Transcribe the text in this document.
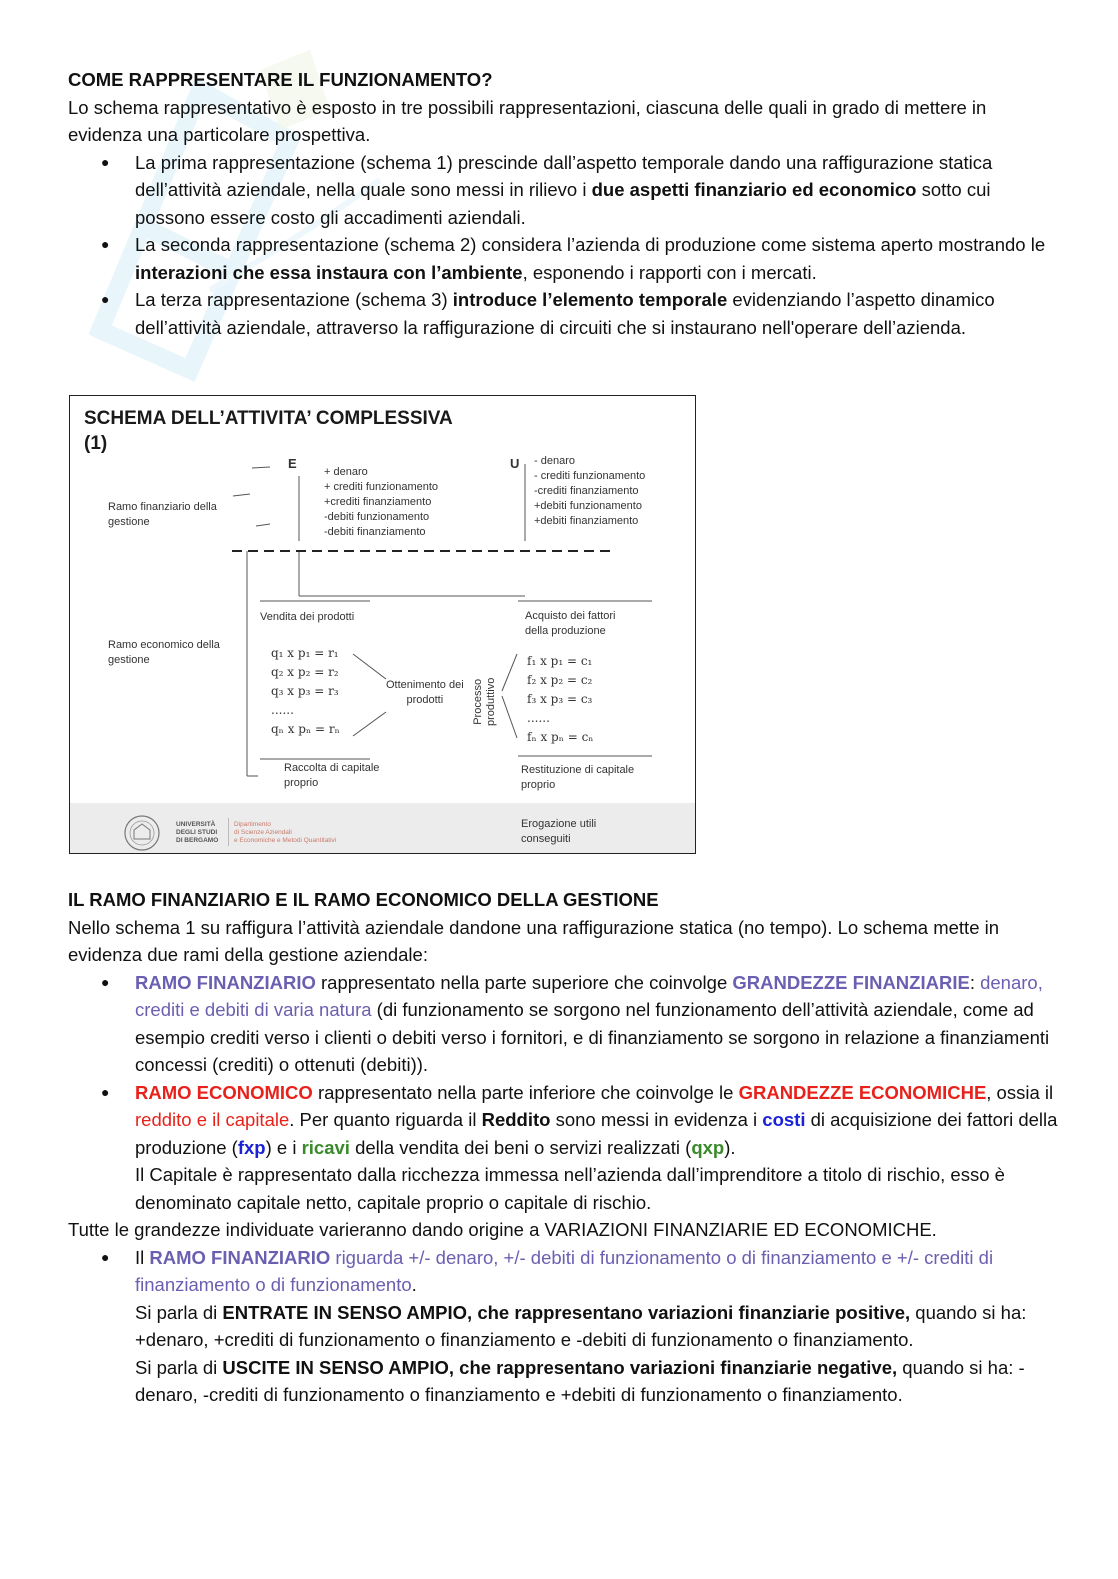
COME RAPPRESENTARE IL FUNZIONAMENTO?
Lo schema rappresentativo è esposto in tre possibili rappresentazioni, ciascuna delle quali in grado di mettere in evidenza una particolare prospettiva.
● La prima rappresentazione (schema 1) prescinde dall’aspetto temporale dando una raffigurazione statica dell’attività aziendale, nella quale sono messi in rilievo i due aspetti finanziario ed economico sotto cui possono essere costo gli accadimenti aziendali.
● La seconda rappresentazione (schema 2) considera l’azienda di produzione come sistema aperto mostrando le interazioni che essa instaura con l’ambiente, esponendo i rapporti con i mercati.
● La terza rappresentazione (schema 3) introduce l’elemento temporale evidenziando l’aspetto dinamico dell’attività aziendale, attraverso la raffigurazione di circuiti che si instaurano nell'operare dell’azienda.
SCHEMA DELL’ATTIVITA’ COMPLESSIVA
(1)
E	U
+ denaro
+ crediti funzionamento
+crediti finanziamento
-debiti funzionamento
-debiti finanziamento
- denaro
- crediti funzionamento
-crediti finanziamento
+debiti funzionamento
+debiti finanziamento
Ramo finanziario della
gestione
Ramo economico della
gestione
Vendita dei prodotti	Acquisto dei fattori
della produzione
q₁ x p₁ = r₁
q₂ x p₂ = r₂
q₃ x p₃ = r₃
......
qₙ x pₙ = rₙ
f₁ x p₁ = c₁
f₂ x p₂ = c₂
f₃ x p₃ = c₃
......
fₙ x pₙ = cₙ
Ottenimento dei
prodotti	Processo
produttivo
Raccolta di capitale
proprio
Restituzione di capitale
proprio
UNIVERSITÀ
DEGLI STUDI
DI BERGAMO
Dipartimento
di Scienze Aziendali
e Economiche e Metodi Quantitativi
Erogazione utili
conseguiti
IL RAMO FINANZIARIO E IL RAMO ECONOMICO DELLA GESTIONE
Nello schema 1 su raffigura l’attività aziendale dandone una raffigurazione statica (no tempo). Lo schema mette in evidenza due rami della gestione aziendale:
● RAMO FINANZIARIO rappresentato nella parte superiore che coinvolge GRANDEZZE FINANZIARIE: denaro, crediti e debiti di varia natura (di funzionamento se sorgono nel funzionamento dell’attività aziendale, come ad esempio crediti verso i clienti o debiti verso i fornitori, e di finanziamento se sorgono in relazione a finanziamenti concessi (crediti) o ottenuti (debiti)).
● RAMO ECONOMICO rappresentato nella parte inferiore che coinvolge le GRANDEZZE ECONOMICHE, ossia il reddito e il capitale. Per quanto riguarda il Reddito sono messi in evidenza i costi di acquisizione dei fattori della produzione (fxp) e i ricavi della vendita dei beni o servizi realizzati (qxp).
Il Capitale è rappresentato dalla ricchezza immessa nell’azienda dall’imprenditore a titolo di rischio, esso è denominato capitale netto, capitale proprio o capitale di rischio.
Tutte le grandezze individuate varieranno dando origine a VARIAZIONI FINANZIARIE ED ECONOMICHE.
● Il RAMO FINANZIARIO riguarda +/- denaro, +/- debiti di funzionamento o di finanziamento e +/- crediti di finanziamento o di funzionamento.
Si parla di ENTRATE IN SENSO AMPIO, che rappresentano variazioni finanziarie positive, quando si ha: +denaro, +crediti di funzionamento o finanziamento e -debiti di funzionamento o finanziamento.
Si parla di USCITE IN SENSO AMPIO, che rappresentano variazioni finanziarie negative, quando si ha: -denaro, -crediti di funzionamento o finanziamento e +debiti di funzionamento o finanziamento.
